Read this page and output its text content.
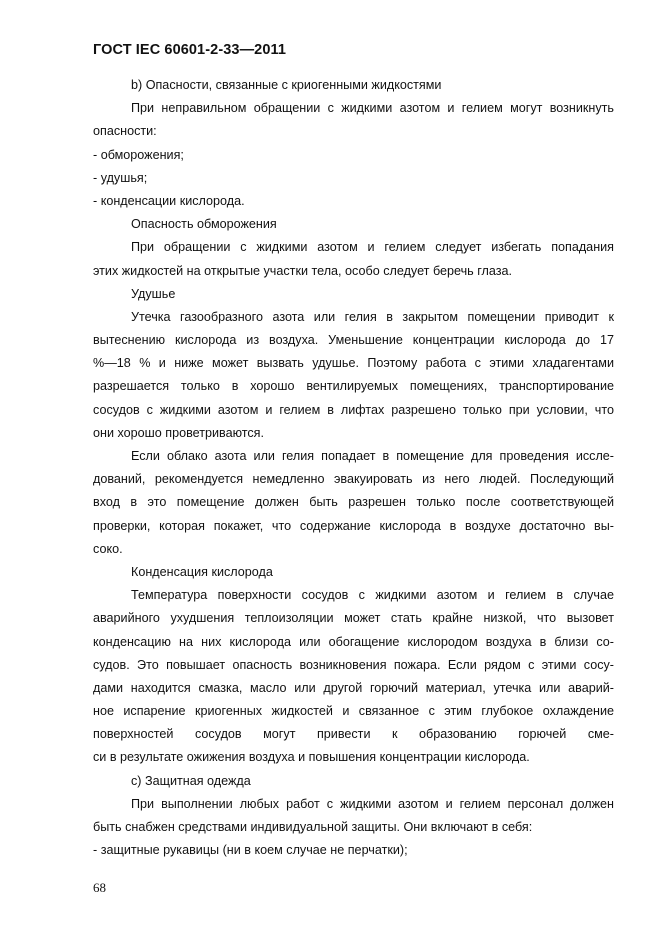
ГОСТ IEC 60601-2-33—2011
b) Опасности, связанные с криогенными жидкостями
При неправильном обращении с жидкими азотом и гелием могут возникнуть
опасности:
- обморожения;
- удушья;
- конденсации кислорода.
Опасность обморожения
При обращении с жидкими азотом и гелием следует избегать попадания
этих жидкостей на открытые участки тела, особо следует беречь глаза.
Удушье
Утечка газообразного азота или гелия в закрытом помещении приводит к
вытеснению кислорода из воздуха. Уменьшение концентрации кислорода до 17
%—18 % и ниже может вызвать удушье. Поэтому работа с этими хладагентами
разрешается только в хорошо вентилируемых помещениях, транспортирование
сосудов с жидкими азотом и гелием в лифтах разрешено только при условии, что
они хорошо проветриваются.
Если облако азота или гелия попадает в помещение для проведения иссле-
дований, рекомендуется немедленно эвакуировать из него людей. Последующий
вход в это помещение должен быть разрешен только после соответствующей
проверки, которая покажет, что содержание кислорода в воздухе достаточно вы-
соко.
Конденсация кислорода
Температура поверхности сосудов с жидкими азотом и гелием в случае
аварийного ухудшения теплоизоляции может стать крайне низкой, что вызовет
конденсацию на них кислорода или обогащение кислородом воздуха в близи со-
судов. Это повышает опасность возникновения пожара. Если рядом с этими сосу-
дами находится смазка, масло или другой горючий материал, утечка или аварий-
ное испарение криогенных жидкостей и связанное с этим глубокое охлаждение
поверхностей сосудов могут привести к образованию горючей сме-
си в результате ожижения воздуха и повышения концентрации кислорода.
c) Защитная одежда
При выполнении любых работ с жидкими азотом и гелием персонал должен
быть снабжен средствами индивидуальной защиты. Они включают в себя:
- защитные рукавицы (ни в коем случае не перчатки);
68
